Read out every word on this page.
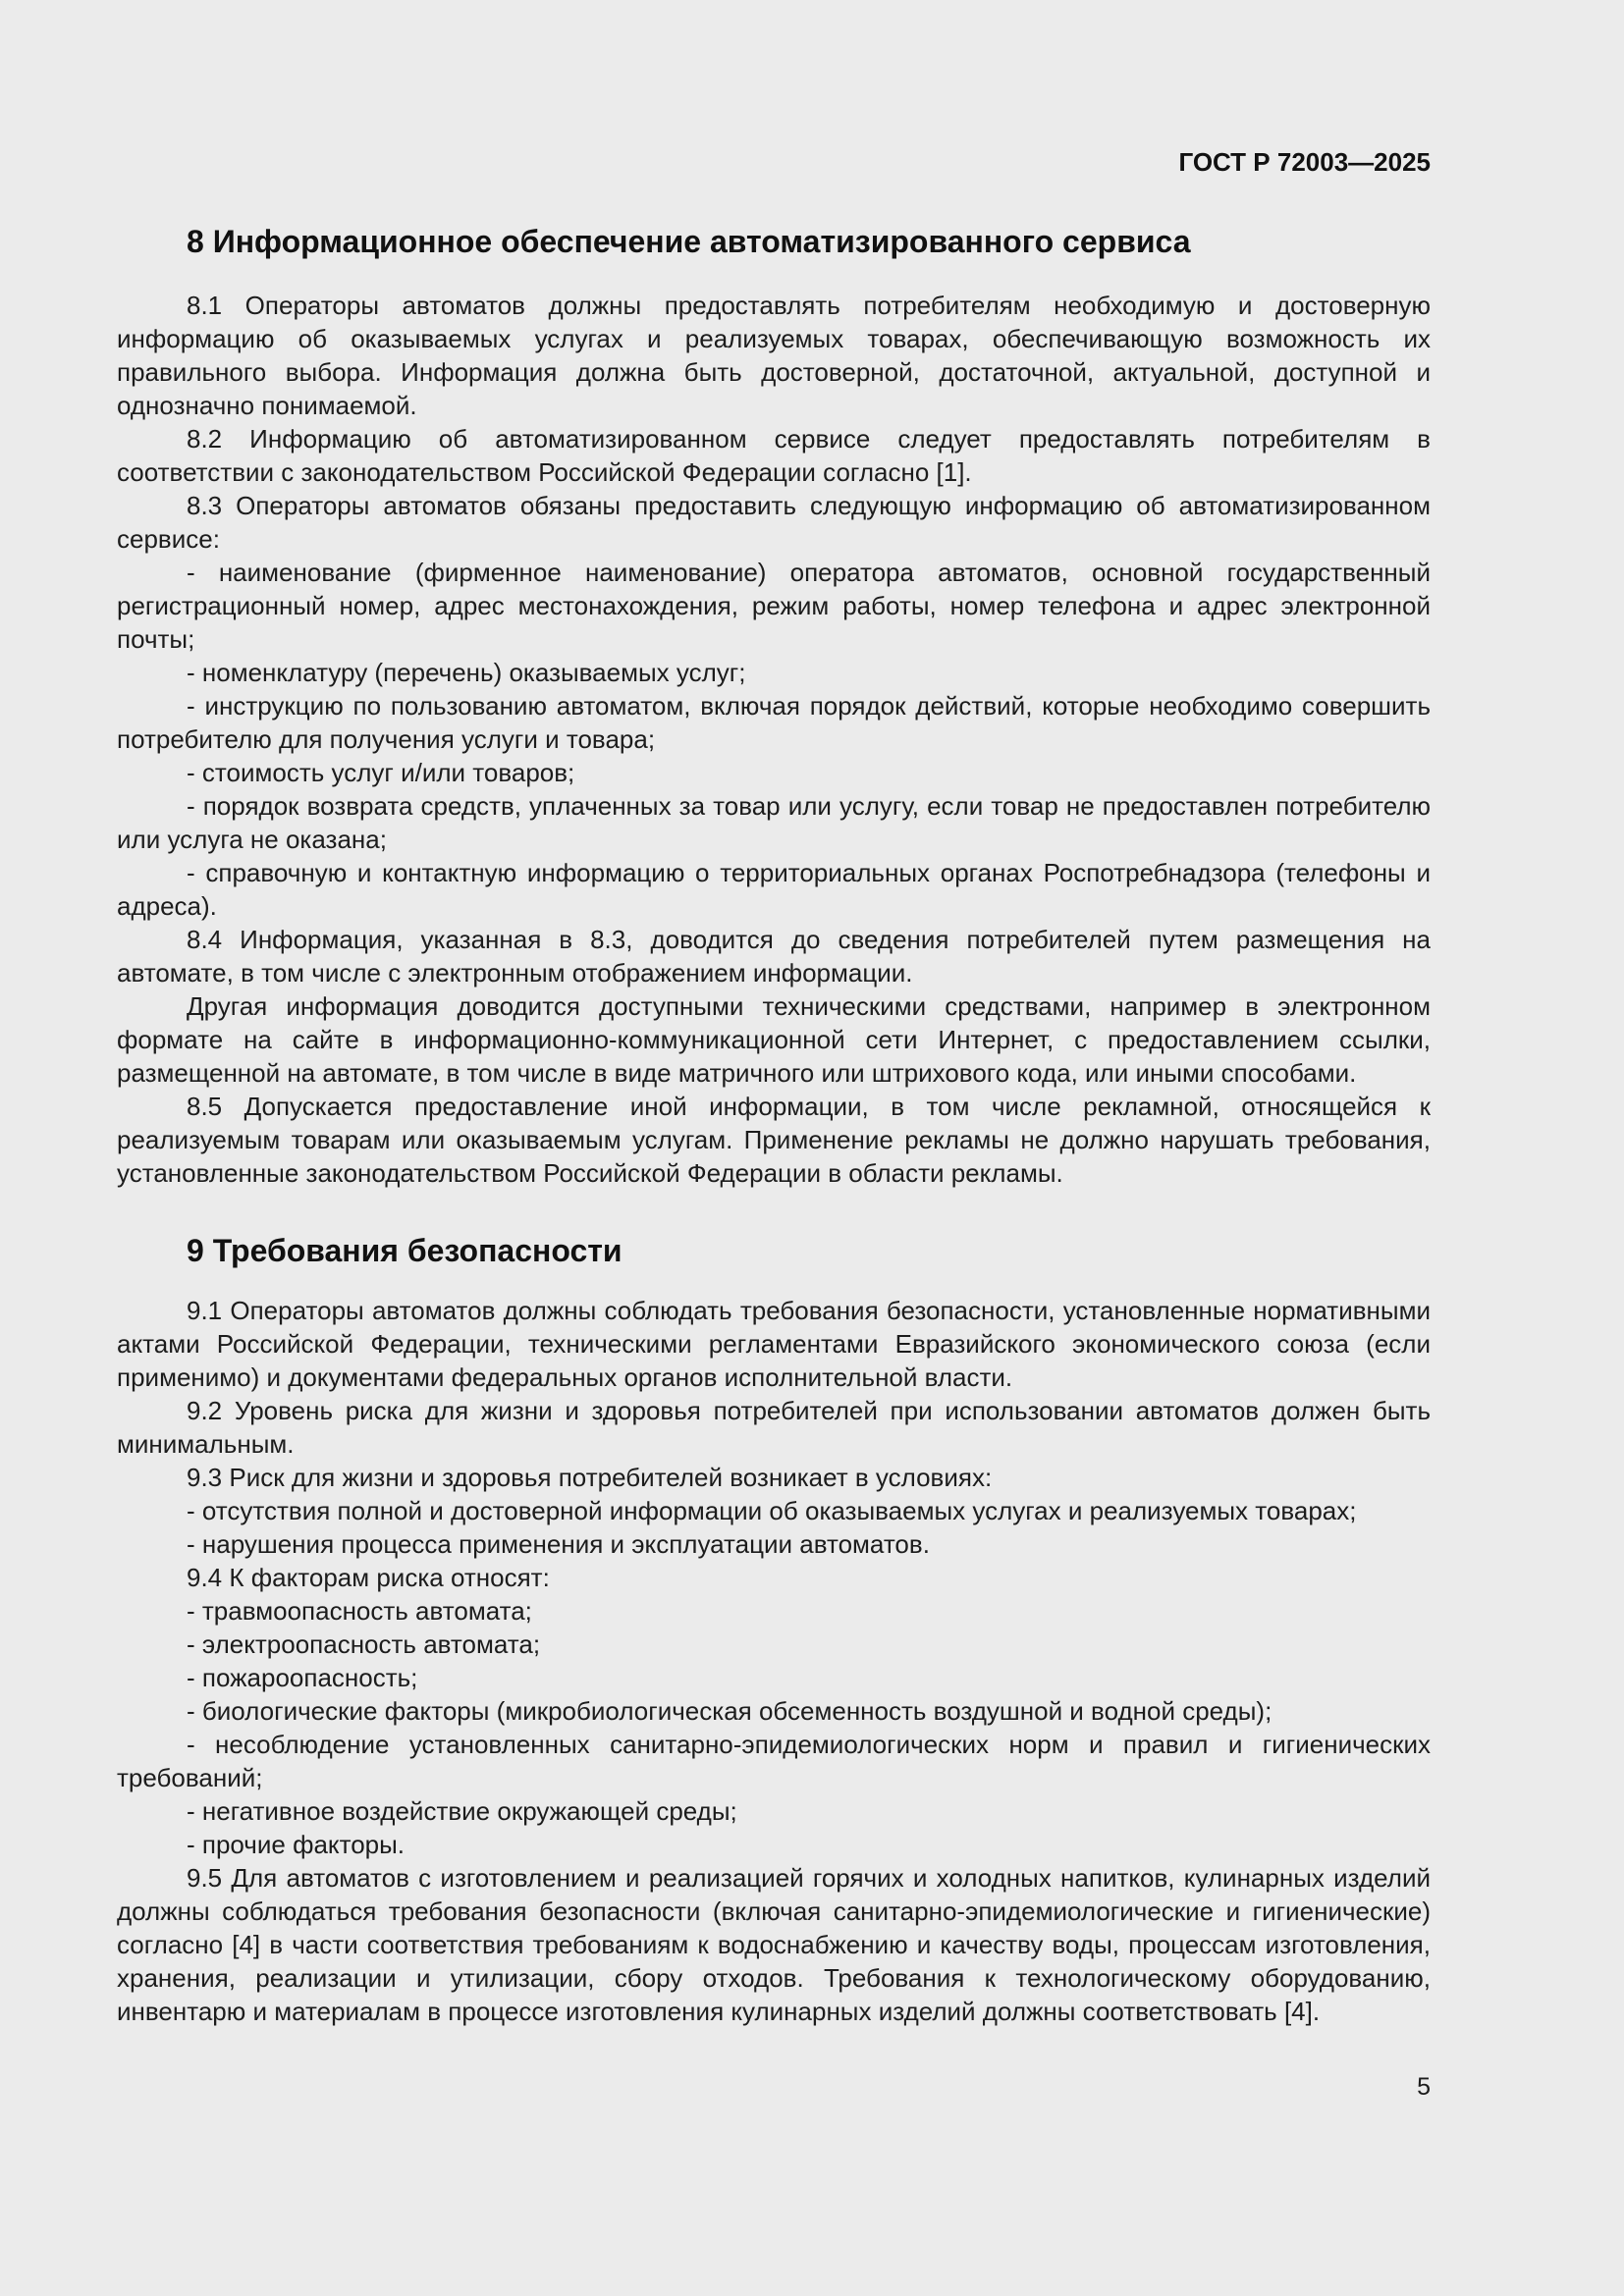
ГОСТ Р 72003—2025

8 Информационное обеспечение автоматизированного сервиса

8.1 Операторы автоматов должны предоставлять потребителям необходимую и достоверную информацию об оказываемых услугах и реализуемых товарах, обеспечивающую возможность их правильного выбора. Информация должна быть достоверной, достаточной, актуальной, доступной и однозначно понимаемой.

8.2 Информацию об автоматизированном сервисе следует предоставлять потребителям в соответствии с законодательством Российской Федерации согласно [1].

8.3 Операторы автоматов обязаны предоставить следующую информацию об автоматизированном сервисе:

- наименование (фирменное наименование) оператора автоматов, основной государственный регистрационный номер, адрес местонахождения, режим работы, номер телефона и адрес электронной почты;

- номенклатуру (перечень) оказываемых услуг;

- инструкцию по пользованию автоматом, включая порядок действий, которые необходимо совершить потребителю для получения услуги и товара;

- стоимость услуг и/или товаров;

- порядок возврата средств, уплаченных за товар или услугу, если товар не предоставлен потребителю или услуга не оказана;

- справочную и контактную информацию о территориальных органах Роспотребнадзора (телефоны и адреса).

8.4 Информация, указанная в 8.3, доводится до сведения потребителей путем размещения на автомате, в том числе с электронным отображением информации.

Другая информация доводится доступными техническими средствами, например в электронном формате на сайте в информационно-коммуникационной сети Интернет, с предоставлением ссылки, размещенной на автомате, в том числе в виде матричного или штрихового кода, или иными способами.

8.5 Допускается предоставление иной информации, в том числе рекламной, относящейся к реализуемым товарам или оказываемым услугам. Применение рекламы не должно нарушать требования, установленные законодательством Российской Федерации в области рекламы.

9 Требования безопасности

9.1 Операторы автоматов должны соблюдать требования безопасности, установленные нормативными актами Российской Федерации, техническими регламентами Евразийского экономического союза (если применимо) и документами федеральных органов исполнительной власти.

9.2 Уровень риска для жизни и здоровья потребителей при использовании автоматов должен быть минимальным.

9.3 Риск для жизни и здоровья потребителей возникает в условиях:

- отсутствия полной и достоверной информации об оказываемых услугах и реализуемых товарах;

- нарушения процесса применения и эксплуатации автоматов.

9.4 К факторам риска относят:

- травмоопасность автомата;

- электроопасность автомата;

- пожароопасность;

- биологические факторы (микробиологическая обсеменность воздушной и водной среды);

- несоблюдение установленных санитарно-эпидемиологических норм и правил и гигиенических требований;

- негативное воздействие окружающей среды;

- прочие факторы.

9.5 Для автоматов с изготовлением и реализацией горячих и холодных напитков, кулинарных изделий должны соблюдаться требования безопасности (включая санитарно-эпидемиологические и гигиенические) согласно [4] в части соответствия требованиям к водоснабжению и качеству воды, процессам изготовления, хранения, реализации и утилизации, сбору отходов. Требования к технологическому оборудованию, инвентарю и материалам в процессе изготовления кулинарных изделий должны соответствовать [4].

5
